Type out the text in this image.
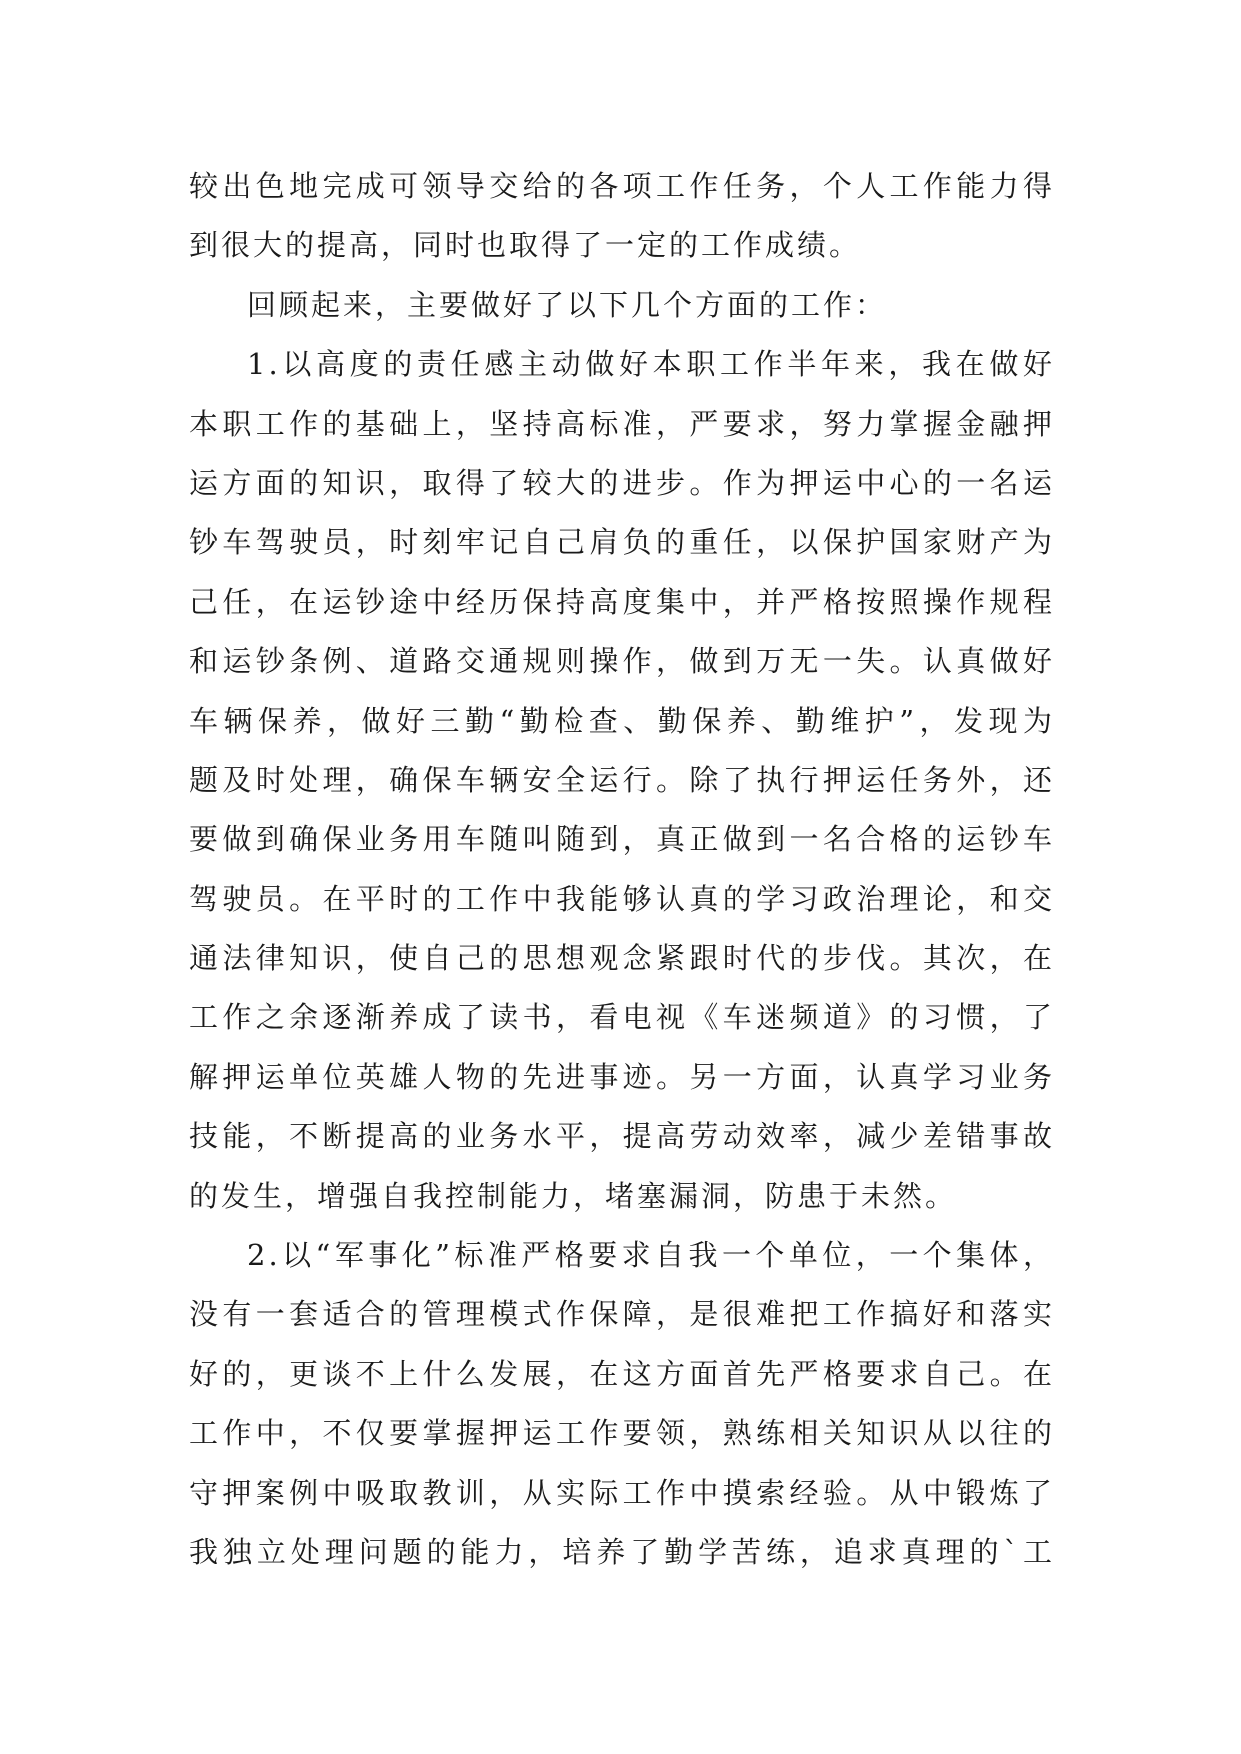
较出色地完成可领导交给的各项工作任务，个人工作能力得
到很大的提高，同时也取得了一定的工作成绩。
回顾起来，主要做好了以下几个方面的工作：
1.以高度的责任感主动做好本职工作半年来，我在做好
本职工作的基础上，坚持高标准，严要求，努力掌握金融押
运方面的知识，取得了较大的进步。作为押运中心的一名运
钞车驾驶员，时刻牢记自己肩负的重任，以保护国家财产为
己任，在运钞途中经历保持高度集中，并严格按照操作规程
和运钞条例、道路交通规则操作，做到万无一失。认真做好
车辆保养，做好三勤“勤检查、勤保养、勤维护”，发现为
题及时处理，确保车辆安全运行。除了执行押运任务外，还
要做到确保业务用车随叫随到，真正做到一名合格的运钞车
驾驶员。在平时的工作中我能够认真的学习政治理论，和交
通法律知识，使自己的思想观念紧跟时代的步伐。其次，在
工作之余逐渐养成了读书，看电视《车迷频道》的习惯，了
解押运单位英雄人物的先进事迹。另一方面，认真学习业务
技能，不断提高的业务水平，提高劳动效率，减少差错事故
的发生，增强自我控制能力，堵塞漏洞，防患于未然。
2.以“军事化”标准严格要求自我一个单位，一个集体，
没有一套适合的管理模式作保障，是很难把工作搞好和落实
好的，更谈不上什么发展，在这方面首先严格要求自己。在
工作中，不仅要掌握押运工作要领，熟练相关知识从以往的
守押案例中吸取教训，从实际工作中摸索经验。从中锻炼了
我独立处理问题的能力，培养了勤学苦练，追求真理的`工
